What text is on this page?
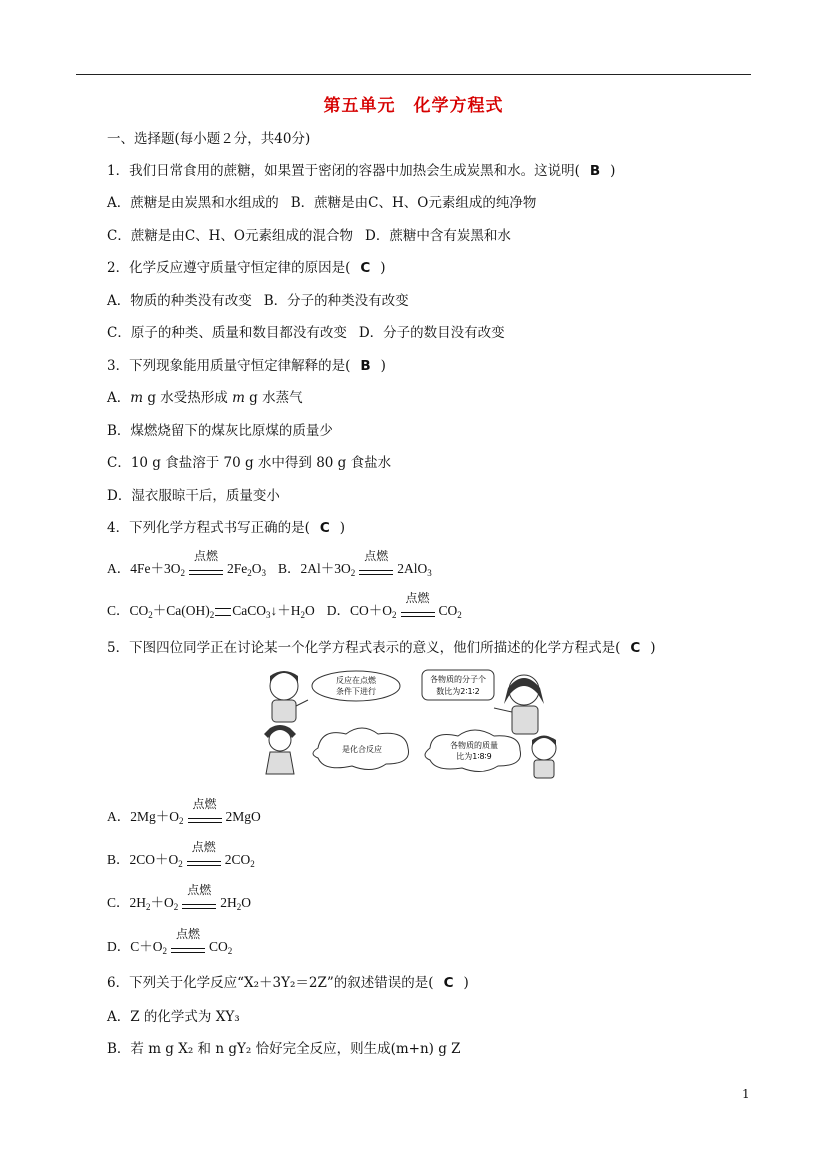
第五单元　化学方程式
一、选择题(每小题２分，共40分)
1．我们日常食用的蔗糖，如果置于密闭的容器中加热会生成炭黑和水。这说明( B )
A．蔗糖是由炭黑和水组成的 B．蔗糖是由C、H、O元素组成的纯净物
C．蔗糖是由C、H、O元素组成的混合物 D．蔗糖中含有炭黑和水
2．化学反应遵守质量守恒定律的原因是( C )
A．物质的种类没有改变 B．分子的种类没有改变
C．原子的种类、质量和数目都没有改变 D．分子的数目没有改变
3．下列现象能用质量守恒定律解释的是( B )
A．m g 水受热形成 m g 水蒸气
B．煤燃烧留下的煤灰比原煤的质量少
C．10 g 食盐溶于 70 g 水中得到 80 g 食盐水
D．湿衣服晾干后，质量变小
4．下列化学方程式书写正确的是( C )
A．$4Fe+3O_2$
点燃
$2Fe_2O_3$ B．$2Al+3O_2$
点燃
2AlO$_3$
C．$CO_2+Ca(OH)_2$ $CaCO_3↓+H_2O$ D．$CO+O_2$
点燃
$CO_2$
5．下图四位同学正在讨论某一个化学方程式表示的意义，他们所描述的化学方程式是( C )
反应在点燃
条件下进行
各物质的分子个
数比为2∶1∶2
是化合反应	各物质的质量
比为1∶8∶9
A．$2Mg+O_2$
点燃
2MgO
B．$2CO+O_2$
点燃
$2CO_2$
C．$2H_2+O_2$
点燃
$2H_2O$
D．$C+O_2$
点燃
$CO_2$
6．下列关于化学反应“X₂＋3Y₂＝2Z”的叙述错误的是( C )
A．Z 的化学式为 XY₃
B．若 m g X₂ 和 n gY₂ 恰好完全反应，则生成(m+n) g Z
1
